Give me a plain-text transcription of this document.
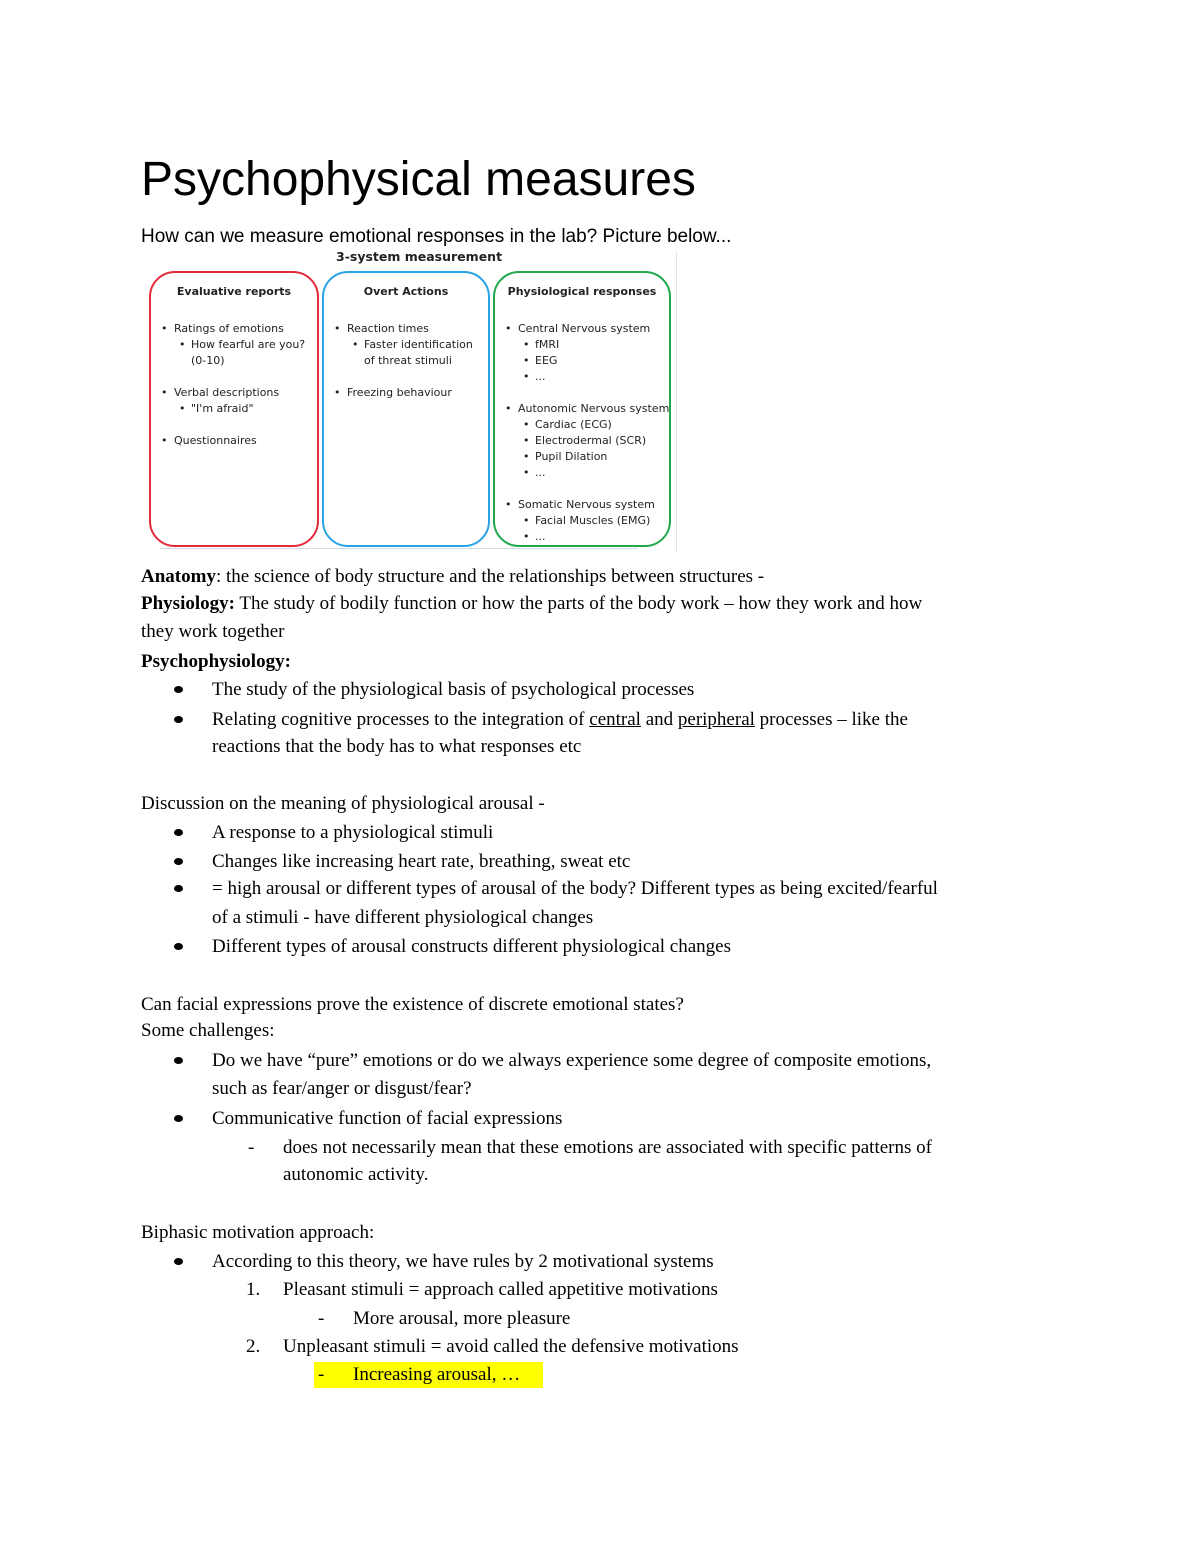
Psychophysical measures
How can we measure emotional responses in the lab? Picture below...
3-system measurement
Evaluative reports
• Ratings of emotions
• How fearful are you?
(0-10)
• Verbal descriptions
• "I'm afraid"
• Questionnaires
Overt Actions
• Reaction times
• Faster identification
of threat stimuli
• Freezing behaviour
Physiological responses
• Central Nervous system
• fMRI
• EEG
• ...
• Autonomic Nervous system
• Cardiac (ECG)
• Electrodermal (SCR)
• Pupil Dilation
• ...
• Somatic Nervous system
• Facial Muscles (EMG)
• ...
Anatomy: the science of body structure and the relationships between structures -
Physiology: The study of bodily function or how the parts of the body work – how they work and how
they work together
Psychophysiology:
The study of the physiological basis of psychological processes
Relating cognitive processes to the integration of central and peripheral processes – like the
reactions that the body has to what responses etc
Discussion on the meaning of physiological arousal -
A response to a physiological stimuli
Changes like increasing heart rate, breathing, sweat etc
= high arousal or different types of arousal of the body? Different types as being excited/fearful
of a stimuli - have different physiological changes
Different types of arousal constructs different physiological changes
Can facial expressions prove the existence of discrete emotional states?
Some challenges:
Do we have “pure” emotions or do we always experience some degree of composite emotions,
such as fear/anger or disgust/fear?
Communicative function of facial expressions
- does not necessarily mean that these emotions are associated with specific patterns of
autonomic activity.
Biphasic motivation approach:
According to this theory, we have rules by 2 motivational systems
1. Pleasant stimuli = approach called appetitive motivations
- More arousal, more pleasure
2. Unpleasant stimuli = avoid called the defensive motivations
- Increasing arousal, …
